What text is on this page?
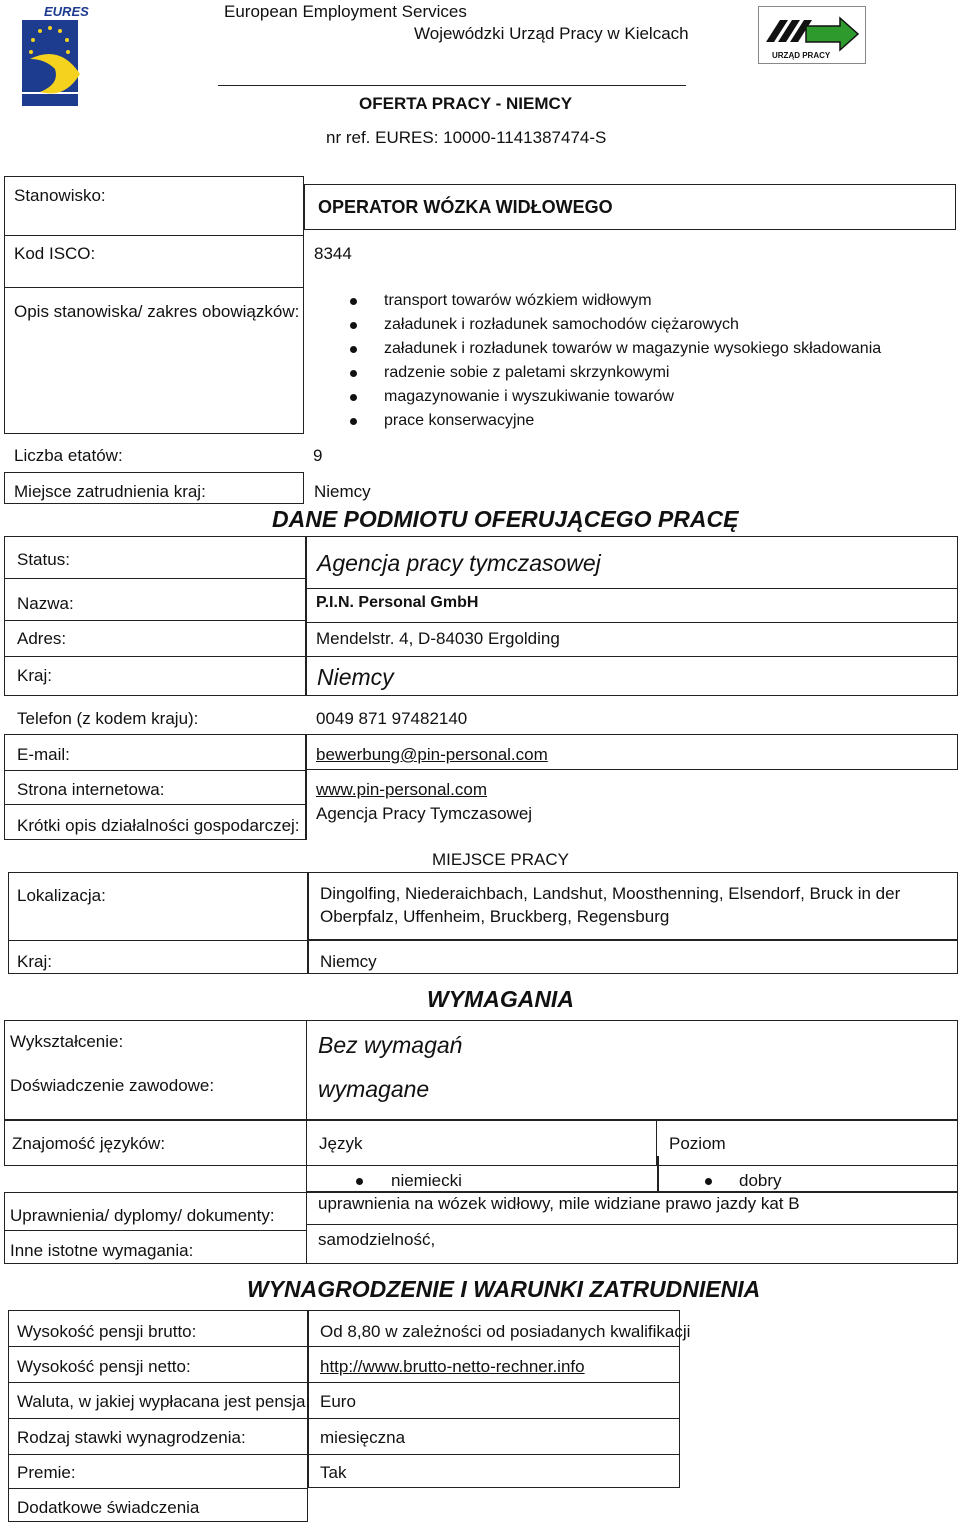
EURES	European Employment Services
Wojewódzki Urząd Pracy w Kielcach
URZĄD PRACY
OFERTA PRACY - NIEMCY
nr ref. EURES: 10000-1141387474-S
Stanowisko:
OPERATOR WÓZKA WIDŁOWEGO
Kod ISCO:	8344
Opis stanowiska/ zakres obowiązków:
transport towarów wózkiem widłowym
załadunek i rozładunek samochodów ciężarowych
załadunek i rozładunek towarów w magazynie wysokiego składowania
radzenie sobie z paletami skrzynkowymi
magazynowanie i wyszukiwanie towarów
prace konserwacyjne
Liczba etatów:	9
Miejsce zatrudnienia kraj:	Niemcy
DANE PODMIOTU OFERUJĄCEGO PRACĘ
Status:	Agencja pracy tymczasowej
Nazwa:	P.I.N. Personal GmbH
Adres:	Mendelstr. 4, D-84030 Ergolding
Kraj:	Niemcy
Telefon (z kodem kraju):	0049 871 97482140
E-mail:	bewerbung@pin-personal.com
Strona internetowa:	www.pin-personal.com
Krótki opis działalności gospodarczej:
Agencja Pracy Tymczasowej
MIEJSCE PRACY
Lokalizacja:	Dingolfing, Niederaichbach, Landshut, Moosthenning, Elsendorf, Bruck in der
Oberpfalz, Uffenheim, Bruckberg, Regensburg
Kraj:	Niemcy
WYMAGANIA
Wykształcenie:	Bez wymagań
Doświadczenie zawodowe:	wymagane
Znajomość języków:	Język	Poziom
niemiecki	dobry
Uprawnienia/ dyplomy/ dokumenty:
uprawnienia na wózek widłowy, mile widziane prawo jazdy kat B
Inne istotne wymagania:
samodzielność,
WYNAGRODZENIE I WARUNKI ZATRUDNIENIA
Wysokość pensji brutto:	Od 8,80 w zależności od posiadanych kwalifikacji
Wysokość pensji netto:	http://www.brutto-netto-rechner.info
Waluta, w jakiej wypłacana jest pensja: Euro
Rodzaj stawki wynagrodzenia:	miesięczna
Premie:	Tak
Dodatkowe świadczenia
